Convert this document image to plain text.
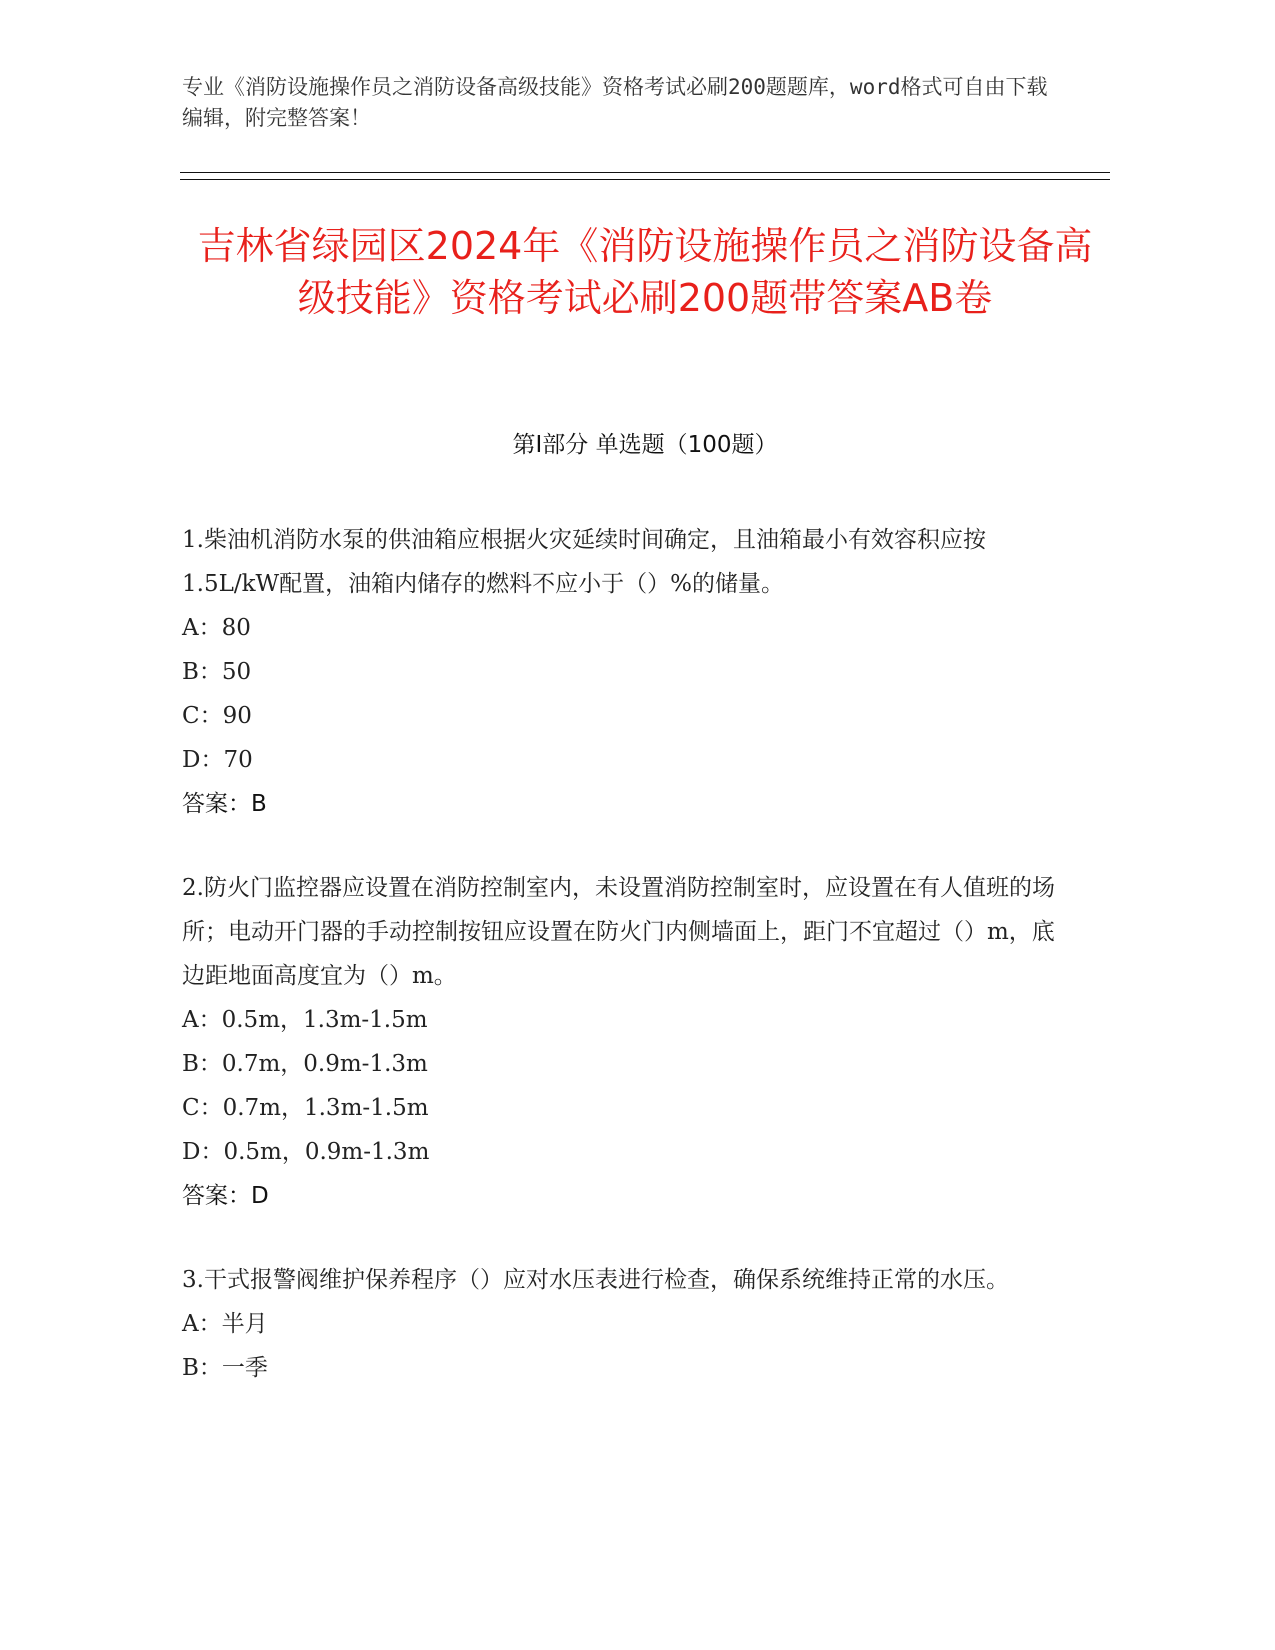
专业《消防设施操作员之消防设备高级技能》资格考试必刷200题题库，word格式可自由下载编辑，附完整答案！
吉林省绿园区2024年《消防设施操作员之消防设备高级技能》资格考试必刷200题带答案AB卷
第Ⅰ部分 单选题（100题）

1.柴油机消防水泵的供油箱应根据火灾延续时间确定，且油箱最小有效容积应按1.5L/kW配置，油箱内储存的燃料不应小于（）%的储量。

A：80
B：50
C：90
D：70
答案：B

2.防火门监控器应设置在消防控制室内，未设置消防控制室时，应设置在有人值班的场所；电动开门器的手动控制按钮应设置在防火门内侧墙面上，距门不宜超过（）m，底边距地面高度宜为（）m。

A：0.5m，1.3m-1.5m
B：0.7m，0.9m-1.3m
C：0.7m，1.3m-1.5m
D：0.5m，0.9m-1.3m
答案：D

3.干式报警阀维护保养程序（）应对水压表进行检查，确保系统维持正常的水压。

A：半月
B：一季
